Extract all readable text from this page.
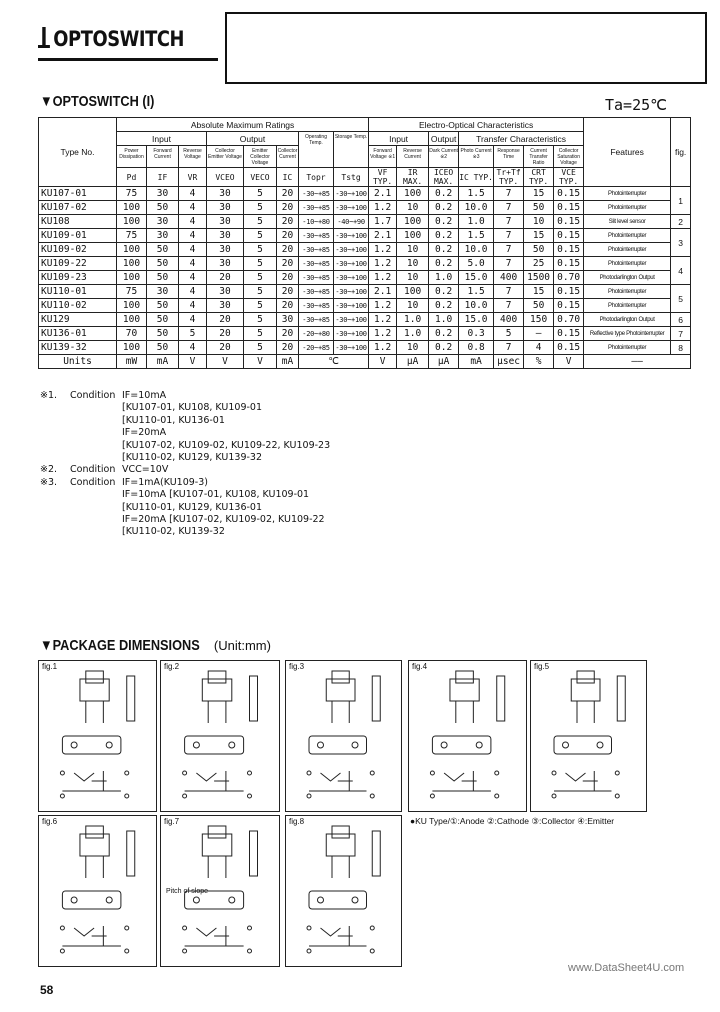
OPTOSWITCH
▼OPTOSWITCH (I)	Ta=25℃
Type No.	Absolute Maximum Ratings								Electro-Optical Characteristics							Features	fig.
	Input			Output			Operating Temp.	Storage Temp.	Input		Output	Transfer Characteristics					
	Power Dissipation	Forward Current	Reverse Voltage	Collector Emitter Voltage	Emitter Collector Voltage	Collector Current			Forward Voltage ※1	Reverse Current	Dark Current ※2	Photo Current ※3	Response Time	Current Transfer Ratio	Collector Saturation Voltage		
	Pd	IF	VR	VCEO	VECO	IC	Topr	Tstg	VF TYP.	IR MAX.	ICEO MAX.	IC TYP.	Tr+Tf TYP.	CRT TYP.	VCE TYP.		
KU107-01	75	30	4	30	5	20	-30~+85	-30~+100	2.1	100	0.2	1.5	7	15	0.15	Photointerrupter	1
KU107-02	100	50	4	30	5	20	-30~+85	-30~+100	1.2	10	0.2	10.0	7	50	0.15	Photointerrupter	
KU108	100	30	4	30	5	20	-10~+80	-40~+90	1.7	100	0.2	1.0	7	10	0.15	Slit level sensor	2
KU109-01	75	30	4	30	5	20	-30~+85	-30~+100	2.1	100	0.2	1.5	7	15	0.15	Photointerrupter	3
KU109-02	100	50	4	30	5	20	-30~+85	-30~+100	1.2	10	0.2	10.0	7	50	0.15	Photointerrupter	
KU109-22	100	50	4	30	5	20	-30~+85	-30~+100	1.2	10	0.2	5.0	7	25	0.15	Photointerrupter	4
KU109-23	100	50	4	20	5	20	-30~+85	-30~+100	1.2	10	1.0	15.0	400	1500	0.70	Photodarlington Output	
KU110-01	75	30	4	30	5	20	-30~+85	-30~+100	2.1	100	0.2	1.5	7	15	0.15	Photointerrupter	5
KU110-02	100	50	4	30	5	20	-30~+85	-30~+100	1.2	10	0.2	10.0	7	50	0.15	Photointerrupter	
KU129	100	50	4	20	5	30	-30~+85	-30~+100	1.2	1.0	1.0	15.0	400	150	0.70	Photodarlington Output	6
KU136-01	70	50	5	20	5	20	-20~+80	-30~+100	1.2	1.0	0.2	0.3	5	—	0.15	Reflective type Photointerrupter	7
KU139-32	100	50	4	20	5	20	-20~+85	-30~+100	1.2	10	0.2	0.8	7	4	0.15	Photointerrupter	8
Units	mW	mA	V	V	V	mA	℃		V	μA	μA	mA	μsec	%	V	——	
※1.	Condition IF=10mA
[KU107-01, KU108, KU109-01
[KU110-01, KU136-01
IF=20mA
[KU107-02, KU109-02, KU109-22, KU109-23
[KU110-02, KU129, KU139-32
※2.	Condition VCC=10V
※3.	Condition IF=1mA(KU109-3)
IF=10mA [KU107-01, KU108, KU109-01
[KU110-01, KU129, KU136-01
IF=20mA [KU107-02, KU109-02, KU109-22
[KU110-02, KU139-32
▼PACKAGE DIMENSIONS (Unit:mm)
fig.1	fig.2	fig.3	fig.4	fig.5
fig.6	fig.7
Pitch of slope
fig.8	●KU Type/①:Anode ②:Cathode ③:Collector ④:Emitter
www.DataSheet4U.com
58
